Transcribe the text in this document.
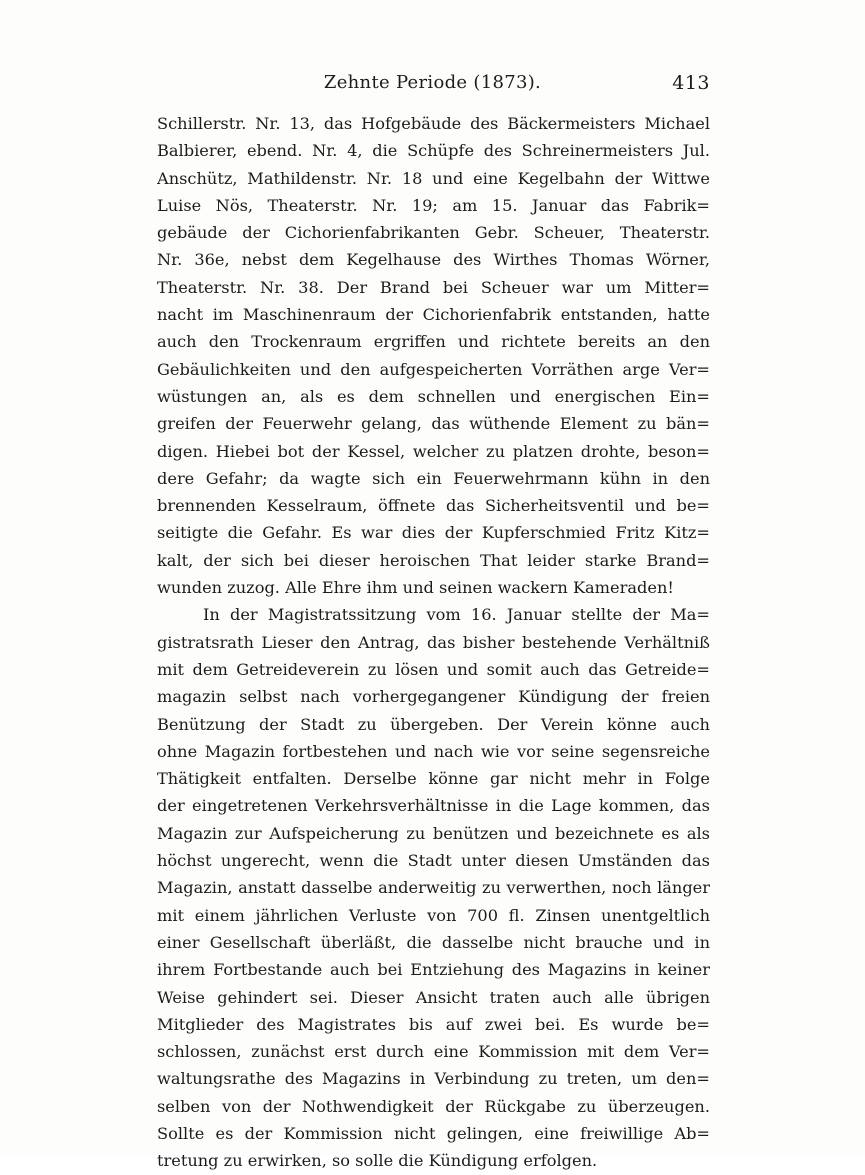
Zehnte Periode (1873).	413
Schillerstr. Nr. 13, das Hofgebäude des Bäckermeisters Michael
Balbierer, ebend. Nr. 4, die Schüpfe des Schreinermeisters Jul.
Anschütz, Mathildenstr. Nr. 18 und eine Kegelbahn der Wittwe
Luise Nös, Theaterstr. Nr. 19; am 15. Januar das Fabrik=
gebäude der Cichorienfabrikanten Gebr. Scheuer, Theaterstr.
Nr. 36e, nebst dem Kegelhause des Wirthes Thomas Wörner,
Theaterstr. Nr. 38. Der Brand bei Scheuer war um Mitter=
nacht im Maschinenraum der Cichorienfabrik entstanden, hatte
auch den Trockenraum ergriffen und richtete bereits an den
Gebäulichkeiten und den aufgespeicherten Vorräthen arge Ver=
wüstungen an, als es dem schnellen und energischen Ein=
greifen der Feuerwehr gelang, das wüthende Element zu bän=
digen. Hiebei bot der Kessel, welcher zu platzen drohte, beson=
dere Gefahr; da wagte sich ein Feuerwehrmann kühn in den
brennenden Kesselraum, öffnete das Sicherheitsventil und be=
seitigte die Gefahr. Es war dies der Kupferschmied Fritz Kitz=
kalt, der sich bei dieser heroischen That leider starke Brand=
wunden zuzog. Alle Ehre ihm und seinen wackern Kameraden!
In der Magistratssitzung vom 16. Januar stellte der Ma=
gistratsrath Lieser den Antrag, das bisher bestehende Verhältniß
mit dem Getreideverein zu lösen und somit auch das Getreide=
magazin selbst nach vorhergegangener Kündigung der freien
Benützung der Stadt zu übergeben. Der Verein könne auch
ohne Magazin fortbestehen und nach wie vor seine segensreiche
Thätigkeit entfalten. Derselbe könne gar nicht mehr in Folge
der eingetretenen Verkehrsverhältnisse in die Lage kommen, das
Magazin zur Aufspeicherung zu benützen und bezeichnete es als
höchst ungerecht, wenn die Stadt unter diesen Umständen das
Magazin, anstatt dasselbe anderweitig zu verwerthen, noch länger
mit einem jährlichen Verluste von 700 fl. Zinsen unentgeltlich
einer Gesellschaft überläßt, die dasselbe nicht brauche und in
ihrem Fortbestande auch bei Entziehung des Magazins in keiner
Weise gehindert sei. Dieser Ansicht traten auch alle übrigen
Mitglieder des Magistrates bis auf zwei bei. Es wurde be=
schlossen, zunächst erst durch eine Kommission mit dem Ver=
waltungsrathe des Magazins in Verbindung zu treten, um den=
selben von der Nothwendigkeit der Rückgabe zu überzeugen.
Sollte es der Kommission nicht gelingen, eine freiwillige Ab=
tretung zu erwirken, so solle die Kündigung erfolgen.
